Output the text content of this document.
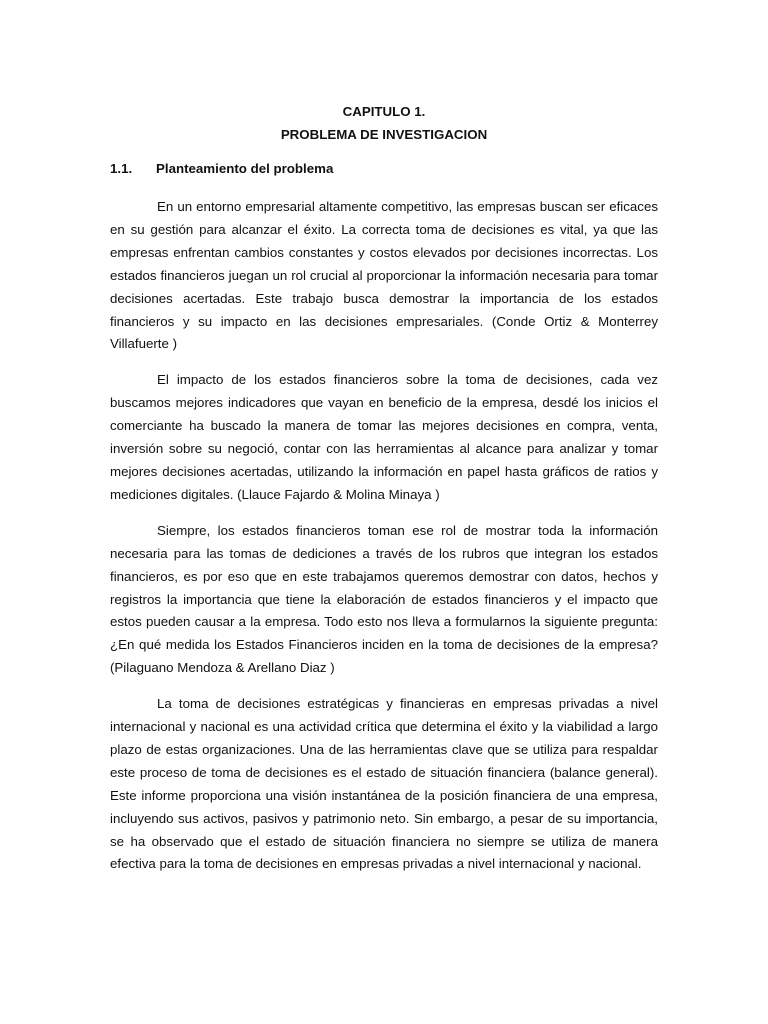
CAPITULO 1.
PROBLEMA DE INVESTIGACION
1.1. Planteamiento del problema

En un entorno empresarial altamente competitivo, las empresas buscan ser eficaces en su gestión para alcanzar el éxito. La correcta toma de decisiones es vital, ya que las empresas enfrentan cambios constantes y costos elevados por decisiones incorrectas. Los estados financieros juegan un rol crucial al proporcionar la información necesaria para tomar decisiones acertadas. Este trabajo busca demostrar la importancia de los estados financieros y su impacto en las decisiones empresariales. (Conde Ortiz & Monterrey Villafuerte )

El impacto de los estados financieros sobre la toma de decisiones, cada vez buscamos mejores indicadores que vayan en beneficio de la empresa, desdé los inicios el comerciante ha buscado la manera de tomar las mejores decisiones en compra, venta, inversión sobre su negoció, contar con las herramientas al alcance para analizar y tomar mejores decisiones acertadas, utilizando la información en papel hasta gráficos de ratios y mediciones digitales. (Llauce Fajardo & Molina Minaya )

Siempre, los estados financieros toman ese rol de mostrar toda la información necesaria para las tomas de dediciones a través de los rubros que integran los estados financieros, es por eso que en este trabajamos queremos demostrar con datos, hechos y registros la importancia que tiene la elaboración de estados financieros y el impacto que estos pueden causar a la empresa. Todo esto nos lleva a formularnos la siguiente pregunta: ¿En qué medida los Estados Financieros inciden en la toma de decisiones de la empresa? (Pilaguano Mendoza & Arellano Diaz )

La toma de decisiones estratégicas y financieras en empresas privadas a nivel internacional y nacional es una actividad crítica que determina el éxito y la viabilidad a largo plazo de estas organizaciones. Una de las herramientas clave que se utiliza para respaldar este proceso de toma de decisiones es el estado de situación financiera (balance general). Este informe proporciona una visión instantánea de la posición financiera de una empresa, incluyendo sus activos, pasivos y patrimonio neto. Sin embargo, a pesar de su importancia, se ha observado que el estado de situación financiera no siempre se utiliza de manera efectiva para la toma de decisiones en empresas privadas a nivel internacional y nacional.
